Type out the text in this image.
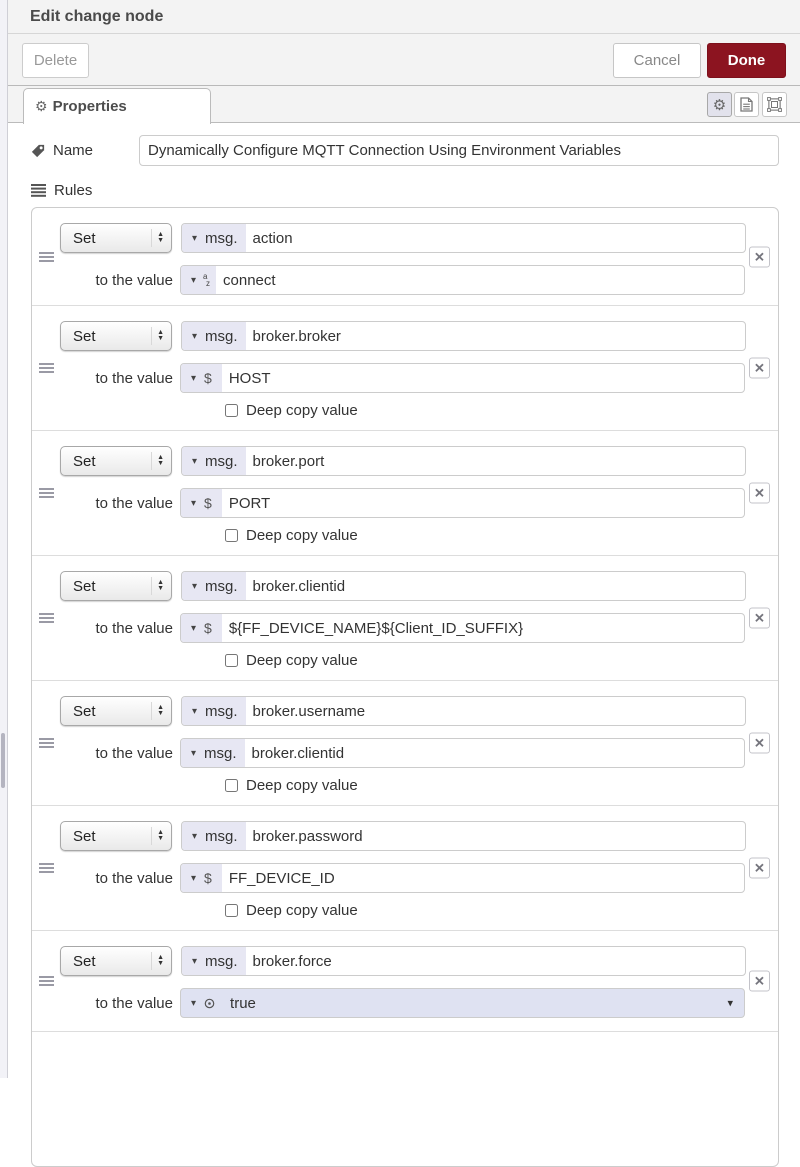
Edit change node
Delete	Cancel	Done
⚙ Properties	⚙
Name
Dynamically Configure MQTT Connection Using Environment Variables
Rules
Set	▲
▼	▾ msg.	action
to the value	▾ a
z connect
✕
Set	▲
▼	▾ msg.	broker.broker
to the value	▾ $	HOST
Deep copy value
✕
Set	▲
▼	▾ msg.	broker.port
to the value	▾ $	PORT
Deep copy value
✕
Set	▲
▼	▾ msg.	broker.clientid
to the value	▾ $	${FF_DEVICE_NAME}${Client_ID_SUFFIX}
Deep copy value
✕
Set	▲
▼	▾ msg.	broker.username
to the value	▾ msg.	broker.clientid
Deep copy value
✕
Set	▲
▼	▾ msg.	broker.password
to the value	▾ $	FF_DEVICE_ID
Deep copy value
✕
Set	▲
▼	▾ msg.	broker.force
to the value	▾	true	▾
✕
